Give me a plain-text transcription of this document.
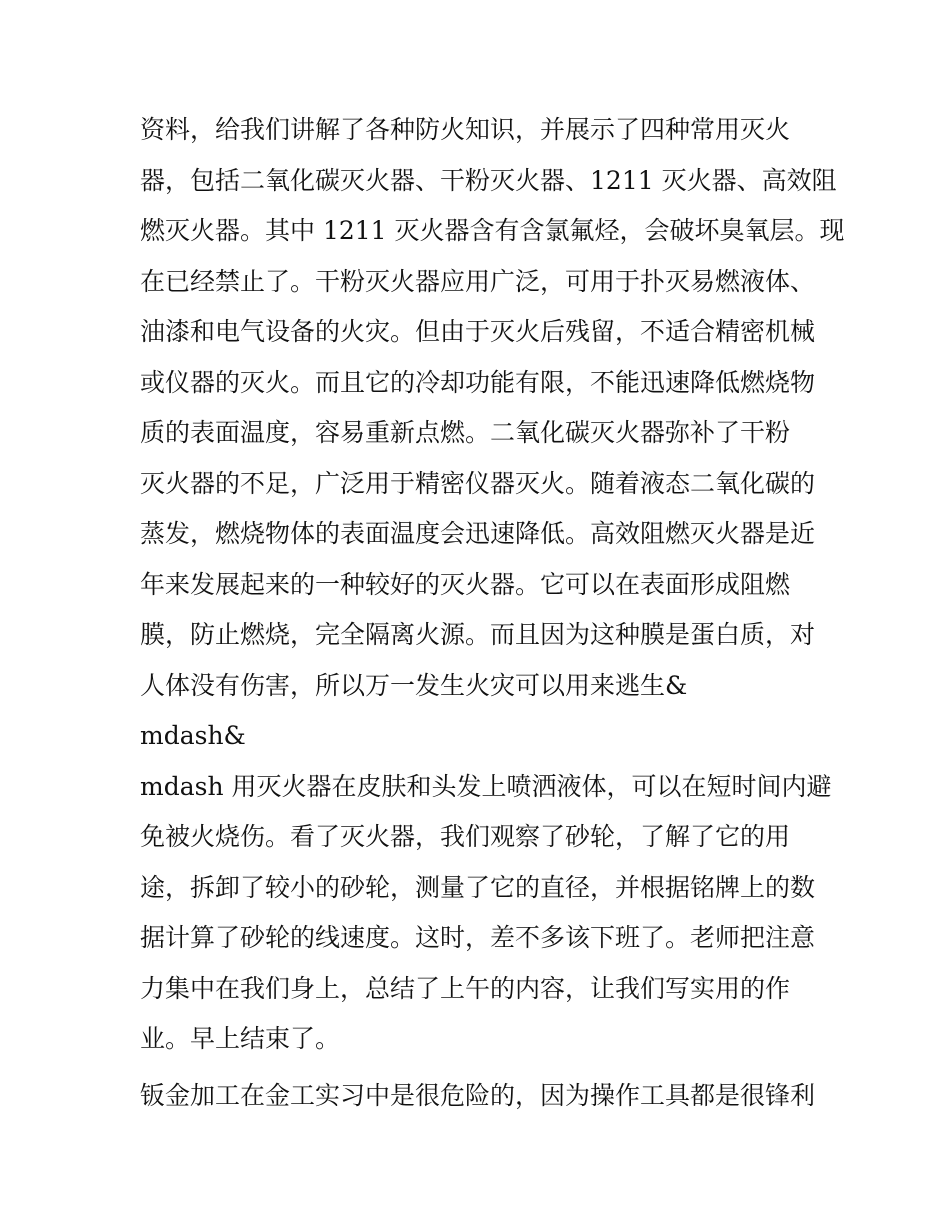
资料，给我们讲解了各种防火知识，并展示了四种常用灭火
器，包括二氧化碳灭火器、干粉灭火器、1211 灭火器、高效阻
燃灭火器。其中 1211 灭火器含有含氯氟烃，会破坏臭氧层。现
在已经禁止了。干粉灭火器应用广泛，可用于扑灭易燃液体、
油漆和电气设备的火灾。但由于灭火后残留，不适合精密机械
或仪器的灭火。而且它的冷却功能有限，不能迅速降低燃烧物
质的表面温度，容易重新点燃。二氧化碳灭火器弥补了干粉
灭火器的不足，广泛用于精密仪器灭火。随着液态二氧化碳的
蒸发，燃烧物体的表面温度会迅速降低。高效阻燃灭火器是近
年来发展起来的一种较好的灭火器。它可以在表面形成阻燃
膜，防止燃烧，完全隔离火源。而且因为这种膜是蛋白质，对
人体没有伤害，所以万一发生火灾可以用来逃生&
mdash&
mdash 用灭火器在皮肤和头发上喷洒液体，可以在短时间内避
免被火烧伤。看了灭火器，我们观察了砂轮，了解了它的用
途，拆卸了较小的砂轮，测量了它的直径，并根据铭牌上的数
据计算了砂轮的线速度。这时，差不多该下班了。老师把注意
力集中在我们身上，总结了上午的内容，让我们写实用的作
业。早上结束了。
钣金加工在金工实习中是很危险的，因为操作工具都是很锋利
